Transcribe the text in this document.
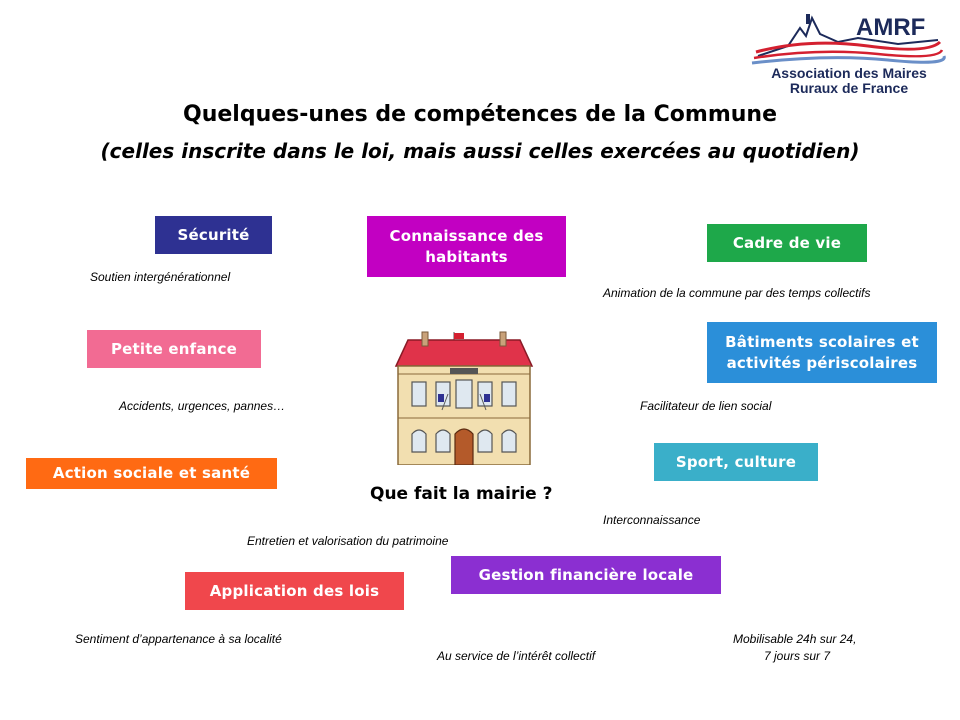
AMRF
Association des Maires
Ruraux de France
Quelques-unes de compétences de la Commune
(celles inscrite dans le loi, mais aussi celles exercées au quotidien)
Sécurité	Connaissance des habitants
Cadre de vie
Petite enfance	Bâtiments scolaires et activités périscolaires
Action sociale et santé
Sport, culture
Gestion financière locale
Application des lois
Soutien intergénérationnel
Animation de la commune par des temps collectifs
Accidents, urgences, pannes…	Facilitateur de lien social
Interconnaissance
Entretien et valorisation du patrimoine
Sentiment d’appartenance à sa localité
Au service de l’intérêt collectif
Mobilisable 24h sur 24,
7 jours sur 7
Que fait la mairie ?
